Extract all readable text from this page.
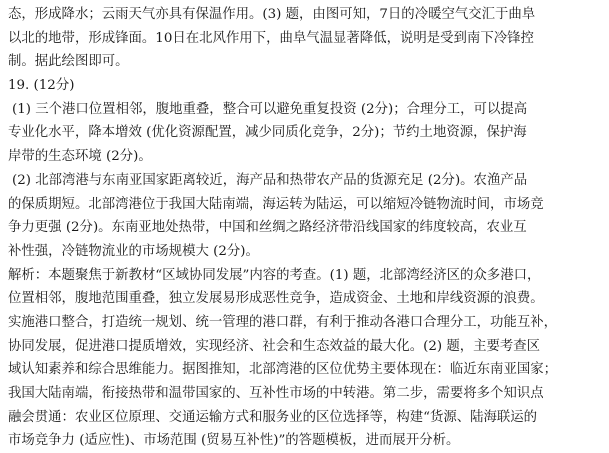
态，形成降水；云雨天气亦具有保温作用。(3) 题，由图可知，7日的冷暖空气交汇于曲阜
以北的地带，形成锋面。10日在北风作用下，曲阜气温显著降低，说明是受到南下冷锋控
制。据此绘图即可。
19. (12分)
(1) 三个港口位置相邻，腹地重叠，整合可以避免重复投资 (2分)；合理分工，可以提高
专业化水平，降本增效 (优化资源配置，减少同质化竞争，2分)；节约土地资源，保护海
岸带的生态环境 (2分)。
(2) 北部湾港与东南亚国家距离较近，海产品和热带农产品的货源充足 (2分)。农渔产品
的保质期短。北部湾港位于我国大陆南端，海运转为陆运，可以缩短冷链物流时间，市场竞
争力更强 (2分)。东南亚地处热带，中国和丝绸之路经济带沿线国家的纬度较高，农业互
补性强，冷链物流业的市场规模大 (2分)。
解析：本题聚焦于新教材“区域协同发展”内容的考查。(1) 题，北部湾经济区的众多港口，
位置相邻，腹地范围重叠，独立发展易形成恶性竞争，造成资金、土地和岸线资源的浪费。
实施港口整合，打造统一规划、统一管理的港口群，有利于推动各港口合理分工，功能互补，
协同发展，促进港口提质增效，实现经济、社会和生态效益的最大化。(2) 题，主要考查区
域认知素养和综合思维能力。据图推知，北部湾港的区位优势主要体现在：临近东南亚国家；
我国大陆南端，衔接热带和温带国家的、互补性市场的中转港。第二步，需要将多个知识点
融会贯通：农业区位原理、交通运输方式和服务业的区位选择等，构建“货源、陆海联运的
市场竞争力 (适应性)、市场范围 (贸易互补性)”的答题模板，进而展开分析。
